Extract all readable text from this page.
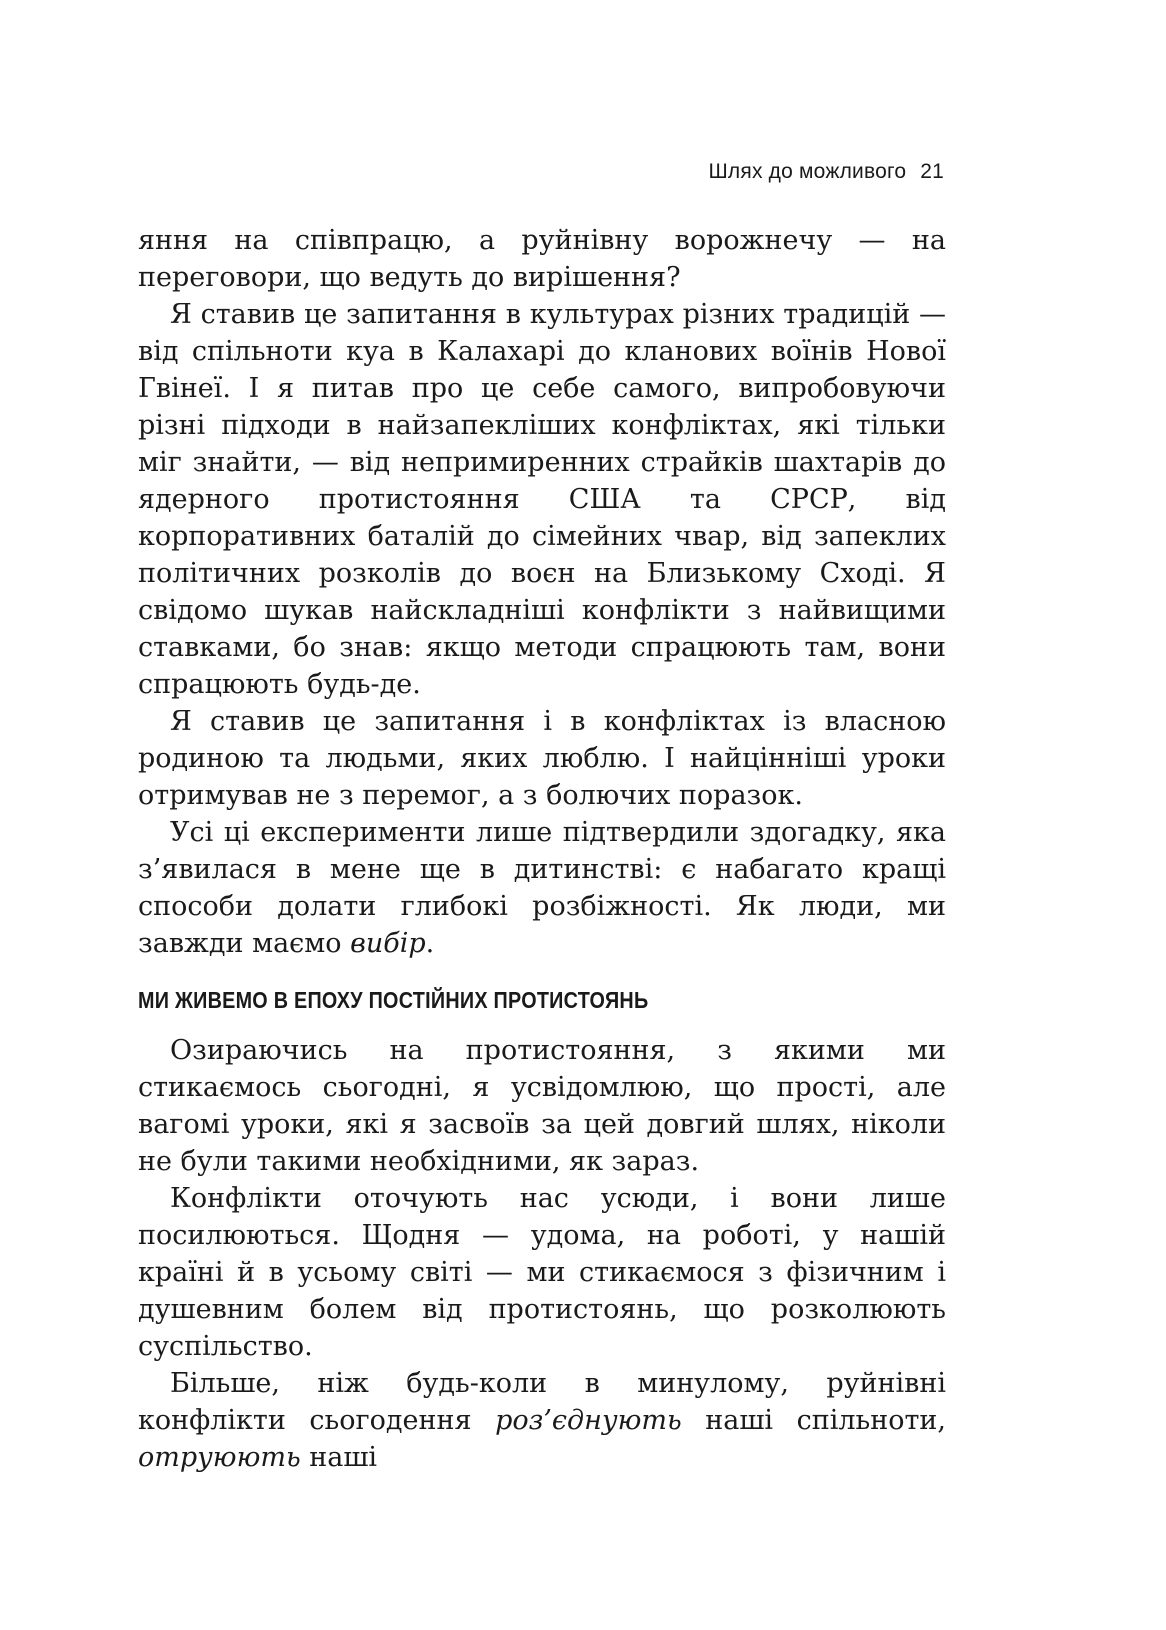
Шлях до можливого 21

яння на співпрацю, а руйнівну ворожнечу — на переговори, що ведуть до вирішення?

Я ставив це запитання в культурах різних традицій — від спільноти куа в Калахарі до кланових воїнів Нової Гвінеї. І я питав про це себе самого, випробовуючи різні підходи в найзапекліших конфліктах, які тільки міг знайти, — від непримиренних страйків шахтарів до ядерного протистояння США та СРСР, від корпоративних баталій до сімейних чвар, від запеклих політичних розколів до воєн на Близькому Сході. Я свідомо шукав найскладніші конфлікти з найвищими ставками, бо знав: якщо методи спрацюють там, вони спрацюють будь-де.

Я ставив це запитання і в конфліктах із власною родиною та людьми, яких люблю. І найцінніші уроки отримував не з перемог, а з болючих поразок.

Усі ці експерименти лише підтвердили здогадку, яка з’явилася в мене ще в дитинстві: є набагато кращі способи долати глибокі розбіжності. Як люди, ми завжди маємо вибір.

МИ ЖИВЕМО В ЕПОХУ ПОСТІЙНИХ ПРОТИСТОЯНЬ

Озираючись на протистояння, з якими ми стикаємось сьогодні, я усвідомлюю, що прості, але вагомі уроки, які я засвоїв за цей довгий шлях, ніколи не були такими необхідними, як зараз.

Конфлікти оточують нас усюди, і вони лише посилюються. Щодня — удома, на роботі, у нашій країні й в усьому світі — ми стикаємося з фізичним і душевним болем від протистоянь, що розколюють суспільство.

Більше, ніж будь-коли в минулому, руйнівні конфлікти сьогодення роз’єднують наші спільноти, отруюють наші
